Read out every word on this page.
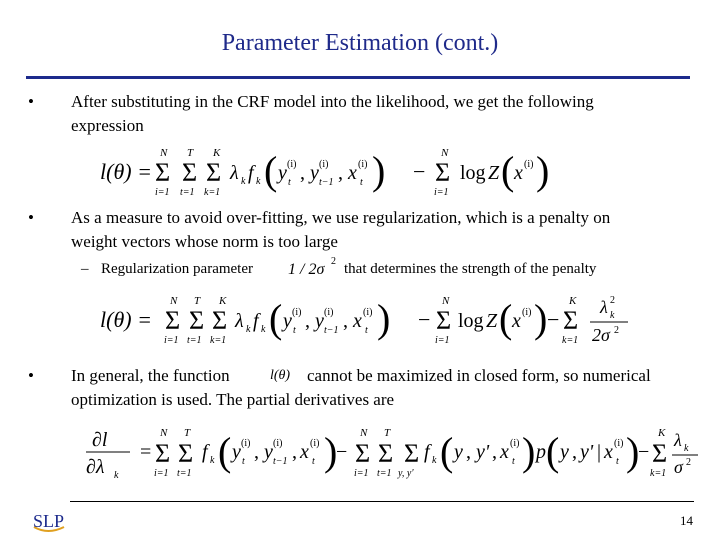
Parameter Estimation (cont.)
• After substituting in the CRF model into the likelihood, we get the following
expression
l(θ) =
N
Σ
i=1
T
Σ
t=1
K
Σ
k=1
λ k f k ( y (i)
t , y (i)
t−1 , x (i)
t ) −
N
Σ
i=1
log Z ( x (i) )
• As a measure to avoid over-fitting, we use regularization, which is a penalty on
weight vectors whose norm is too large
– Regularization parameter 1 / 2σ 2 that determines the strength of the penalty
l(θ) =
N
Σ
i=1
T
Σ
t=1
K
Σ
k=1
λ k f k ( y (i)
t , y (i)
t−1 , x (i)
t ) −
N
Σ
i=1
log Z ( x (i) ) −
K
Σ
k=1
λ 2
k
2σ 2
• In general, the function	l(θ) cannot be maximized in closed form, so numerical
optimization is used. The partial derivatives are
∂l
∂λ k
=
N
Σ
i=1
T
Σ
t=1
f k ( y (i)
t , y (i)
t−1 , x (i)
t )
−
N
Σ
i=1
T
Σ
t=1
Σ
y, y'
f k ( y , y' , x (i)
t ) p ( y , y' | x (i)
t )
−
K
Σ
k=1
λ k
σ 2
SLP	14
